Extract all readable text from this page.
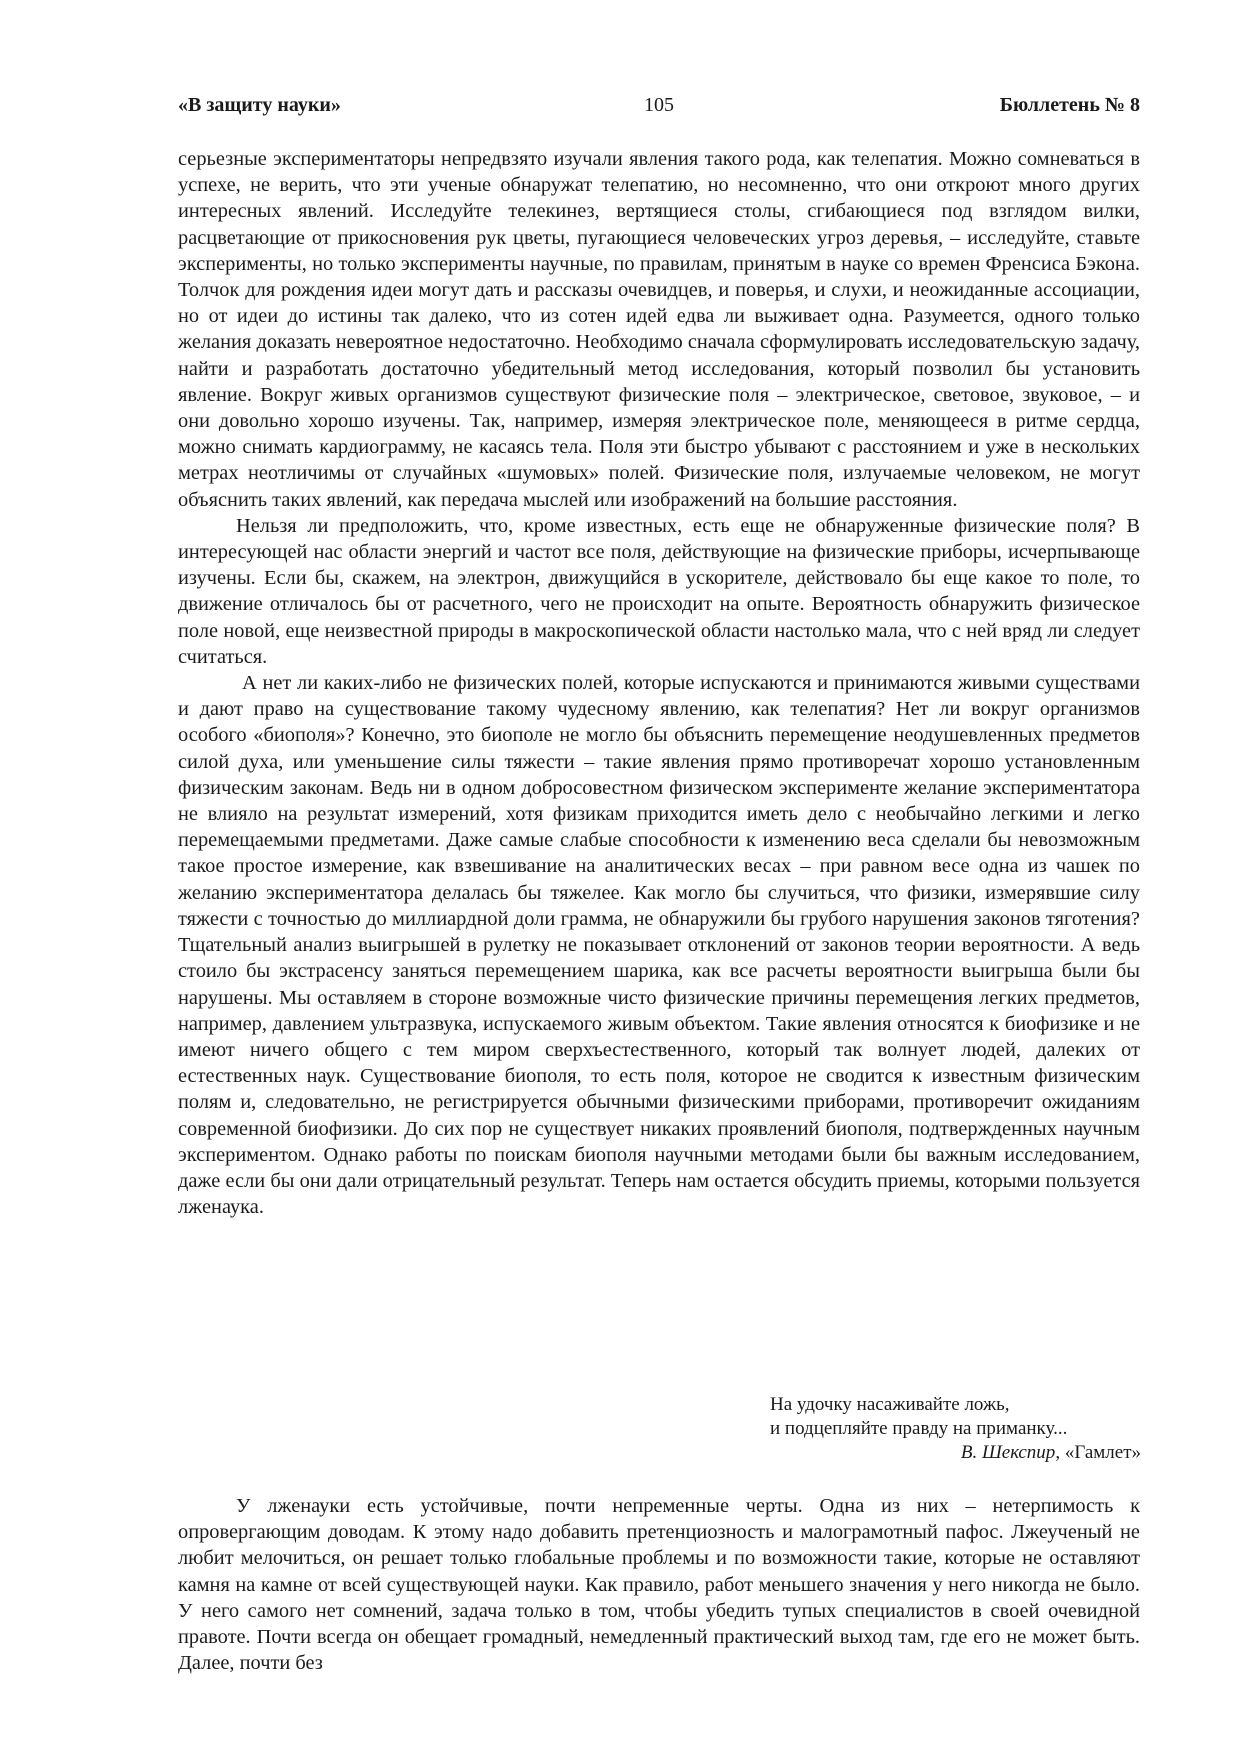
«В защиту науки»	105	Бюллетень № 8

серьезные экспериментаторы непредвзято изучали явления такого рода, как телепатия. Можно сомневаться в успехе, не верить, что эти ученые обнаружат телепатию, но несомненно, что они откроют много других интересных явлений. Исследуйте телекинез, вертящиеся столы, сгибающиеся под взглядом вилки, расцветающие от прикосновения рук цветы, пугающиеся человеческих угроз деревья, – исследуйте, ставьте эксперименты, но только эксперименты научные, по правилам, принятым в науке со времен Френсиса Бэкона. Толчок для рождения идеи могут дать и рассказы очевидцев, и поверья, и слухи, и неожиданные ассоциации, но от идеи до истины так далеко, что из сотен идей едва ли выживает одна. Разумеется, одного только желания доказать невероятное недостаточно. Необходимо сначала сформулировать исследовательскую задачу, найти и разработать достаточно убедительный метод исследования, который позволил бы установить явление. Вокруг живых организмов существуют физические поля – электрическое, световое, звуковое, – и они довольно хорошо изучены. Так, например, измеряя электрическое поле, меняющееся в ритме сердца, можно снимать кардиограмму, не касаясь тела. Поля эти быстро убывают с расстоянием и уже в нескольких метрах неотличимы от случайных «шумовых» полей. Физические поля, излучаемые человеком, не могут объяснить таких явлений, как передача мыслей или изображений на большие расстояния.

Нельзя ли предположить, что, кроме известных, есть еще не обнаруженные физические поля? В интересующей нас области энергий и частот все поля, действующие на физические приборы, исчерпывающе изучены. Если бы, скажем, на электрон, движущийся в ускорителе, действовало бы еще какое то поле, то движение отличалось бы от расчетного, чего не происходит на опыте. Вероятность обнаружить физическое поле новой, еще неизвестной природы в макроскопической области настолько мала, что с ней вряд ли следует считаться.

А нет ли каких-либо не физических полей, которые испускаются и принимаются живыми существами и дают право на существование такому чудесному явлению, как телепатия? Нет ли вокруг организмов особого «биополя»? Конечно, это биополе не могло бы объяснить перемещение неодушевленных предметов силой духа, или уменьшение силы тяжести – такие явления прямо противоречат хорошо установленным физическим законам. Ведь ни в одном добросовестном физическом эксперименте желание экспериментатора не влияло на результат измерений, хотя физикам приходится иметь дело с необычайно легкими и легко перемещаемыми предметами. Даже самые слабые способности к изменению веса сделали бы невозможным такое простое измерение, как взвешивание на аналитических весах – при равном весе одна из чашек по желанию экспериментатора делалась бы тяжелее. Как могло бы случиться, что физики, измерявшие силу тяжести с точностью до миллиардной доли грамма, не обнаружили бы грубого нарушения законов тяготения? Тщательный анализ выигрышей в рулетку не показывает отклонений от законов теории вероятности. А ведь стоило бы экстрасенсу заняться перемещением шарика, как все расчеты вероятности выигрыша были бы нарушены. Мы оставляем в стороне возможные чисто физические причины перемещения легких предметов, например, давлением ультразвука, испускаемого живым объектом. Такие явления относятся к биофизике и не имеют ничего общего с тем миром сверхъестественного, который так волнует людей, далеких от естественных наук. Существование биополя, то есть поля, которое не сводится к известным физическим полям и, следовательно, не регистрируется обычными физическими приборами, противоречит ожиданиям современной биофизики. До сих пор не существует никаких проявлений биополя, подтвержденных научным экспериментом. Однако работы по поискам биополя научными методами были бы важным исследованием, даже если бы они дали отрицательный результат. Теперь нам остается обсудить приемы, которыми пользуется лженаука.

На удочку насаживайте ложь,
и подцепляйте правду на приманку...
В. Шекспир, «Гамлет»

У лженауки есть устойчивые, почти непременные черты. Одна из них – нетерпимость к опровергающим доводам. К этому надо добавить претенциозность и малограмотный пафос. Лжеученый не любит мелочиться, он решает только глобальные проблемы и по возможности такие, которые не оставляют камня на камне от всей существующей науки. Как правило, работ меньшего значения у него никогда не было. У него самого нет сомнений, задача только в том, чтобы убедить тупых специалистов в своей очевидной правоте. Почти всегда он обещает громадный, немедленный практический выход там, где его не может быть. Далее, почти без
